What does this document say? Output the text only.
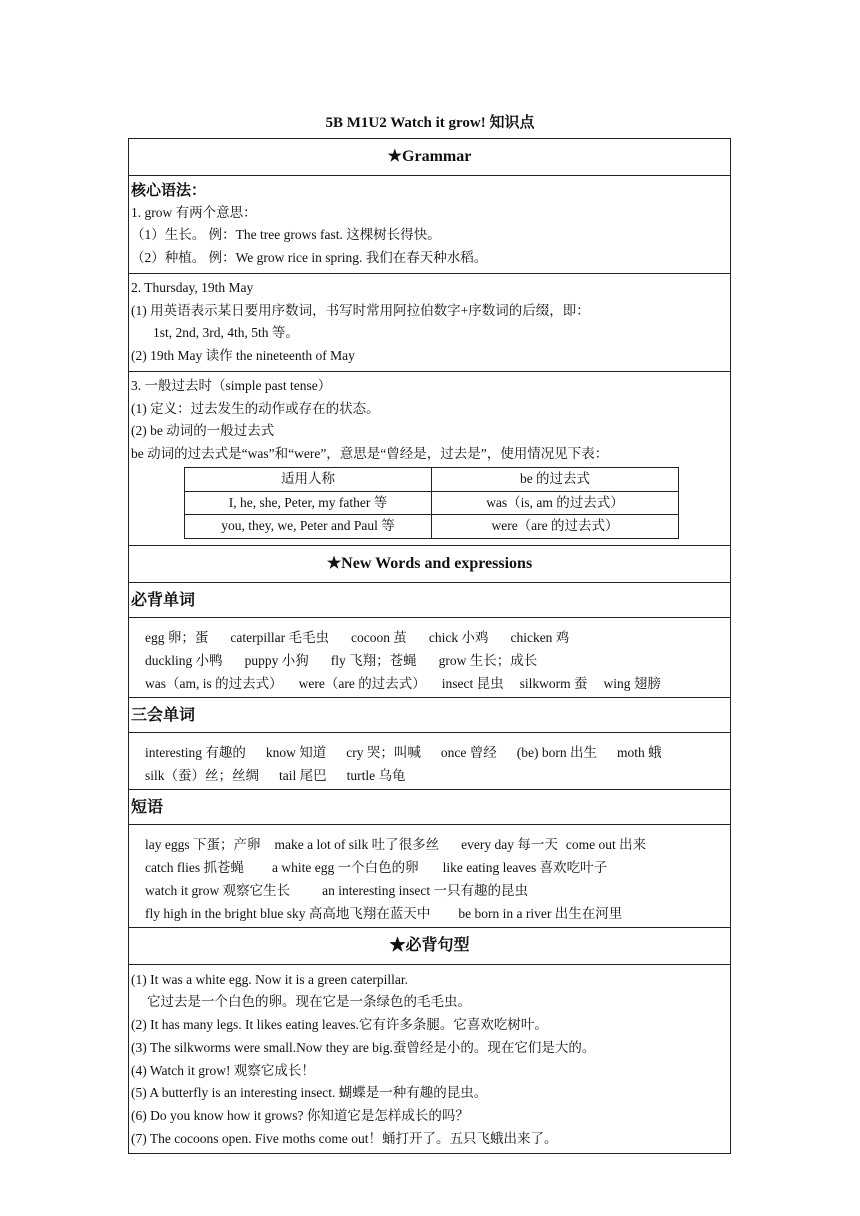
5B M1U2 Watch it grow! 知识点
★Grammar
核心语法：
1. grow 有两个意思：
（1）生长。 例：The tree grows fast. 这棵树长得快。
（2）种植。 例：We grow rice in spring. 我们在春天种水稻。
2. Thursday, 19th May
(1) 用英语表示某日要用序数词，书写时常用阿拉伯数字+序数词的后缀，即：
1st, 2nd, 3rd, 4th, 5th 等。
(2) 19th May 读作 the nineteenth of May
3. 一般过去时（simple past tense）
(1) 定义：过去发生的动作或存在的状态。
(2) be 动词的一般过去式
be 动词的过去式是“was”和“were”，意思是“曾经是，过去是”，使用情况见下表：
适用人称	be 的过去式
I, he, she, Peter, my father 等	was（is, am 的过去式）
you, they, we, Peter and Paul 等	were（are 的过去式）
★New Words and expressions
必背单词
egg 卵；蛋 caterpillar 毛毛虫 cocoon 茧 chick 小鸡 chicken 鸡
duckling 小鸭 puppy 小狗 fly 飞翔；苍蝇 grow 生长；成长
was（am, is 的过去式） were（are 的过去式） insect 昆虫 silkworm 蚕 wing 翅膀
三会单词
interesting 有趣的 know 知道 cry 哭；叫喊 once 曾经 (be) born 出生 moth 蛾
silk（蚕）丝；丝绸 tail 尾巴 turtle 乌龟
短语
lay eggs 下蛋；产卵 make a lot of silk 吐了很多丝 every day 每一天 come out 出来
catch flies 抓苍蝇 a white egg 一个白色的卵 like eating leaves 喜欢吃叶子
watch it grow 观察它生长 an interesting insect 一只有趣的昆虫
fly high in the bright blue sky 高高地飞翔在蓝天中 be born in a river 出生在河里
★必背句型
(1) It was a white egg. Now it is a green caterpillar.
它过去是一个白色的卵。现在它是一条绿色的毛毛虫。
(2) It has many legs. It likes eating leaves.它有许多条腿。它喜欢吃树叶。
(3) The silkworms were small.Now they are big.蚕曾经是小的。现在它们是大的。
(4) Watch it grow! 观察它成长！
(5) A butterfly is an interesting insect. 蝴蝶是一种有趣的昆虫。
(6) Do you know how it grows? 你知道它是怎样成长的吗？
(7) The cocoons open. Five moths come out！蛹打开了。五只飞蛾出来了。
